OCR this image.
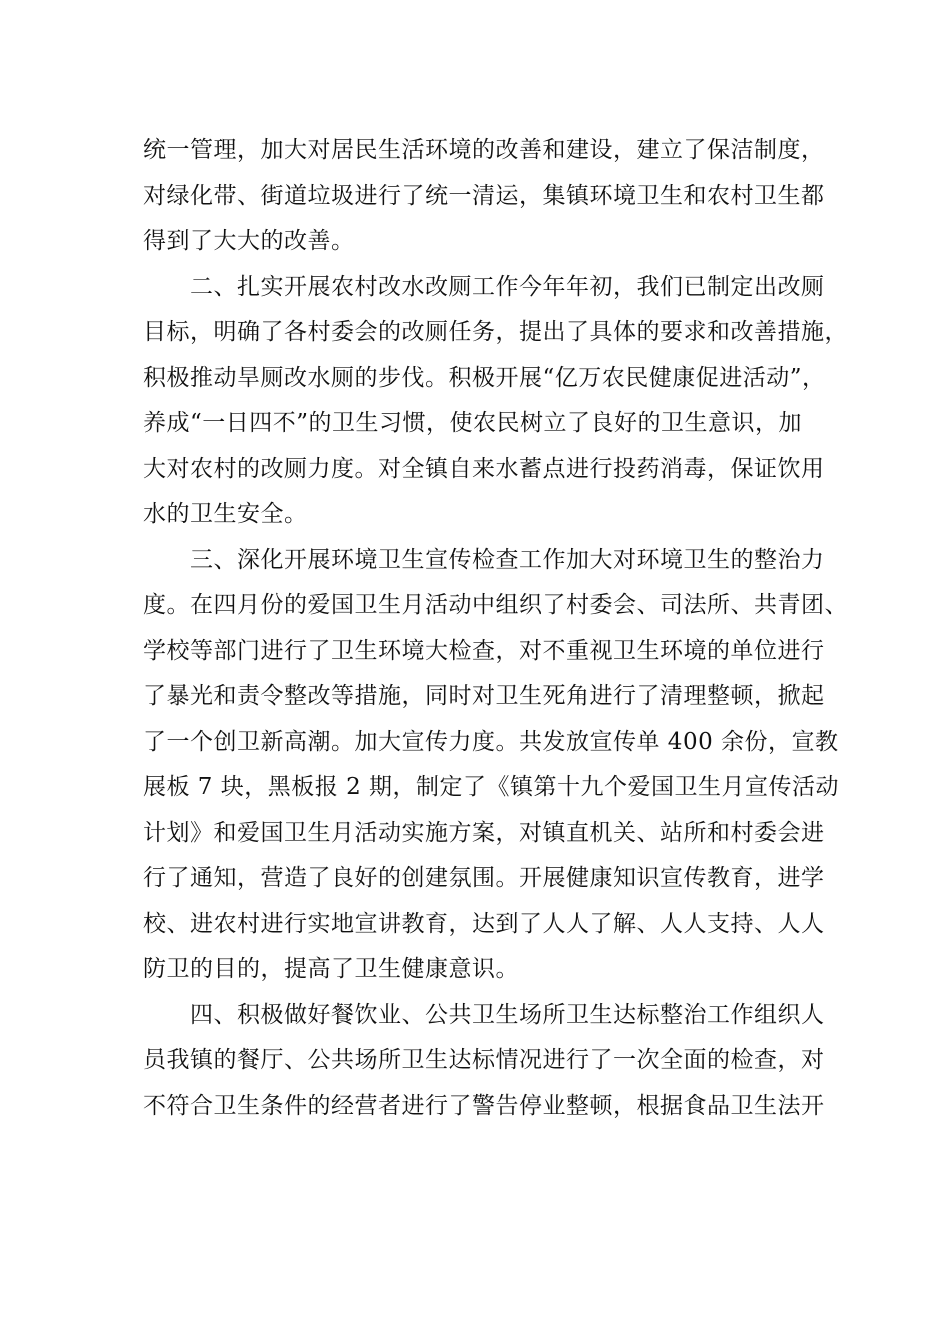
统一管理，加大对居民生活环境的改善和建设，建立了保洁制度，
对绿化带、街道垃圾进行了统一清运，集镇环境卫生和农村卫生都
得到了大大的改善。
二、扎实开展农村改水改厕工作今年年初，我们已制定出改厕
目标，明确了各村委会的改厕任务，提出了具体的要求和改善措施，
积极推动旱厕改水厕的步伐。积极开展“亿万农民健康促进活动”，
养成“一日四不”的卫生习惯，使农民树立了良好的卫生意识，加
大对农村的改厕力度。对全镇自来水蓄点进行投药消毒，保证饮用
水的卫生安全。
三、深化开展环境卫生宣传检查工作加大对环境卫生的整治力
度。在四月份的爱国卫生月活动中组织了村委会、司法所、共青团、
学校等部门进行了卫生环境大检查，对不重视卫生环境的单位进行
了暴光和责令整改等措施，同时对卫生死角进行了清理整顿，掀起
了一个创卫新高潮。加大宣传力度。共发放宣传单 400 余份，宣教
展板 7 块，黑板报 2 期，制定了《镇第十九个爱国卫生月宣传活动
计划》和爱国卫生月活动实施方案，对镇直机关、站所和村委会进
行了通知，营造了良好的创建氛围。开展健康知识宣传教育，进学
校、进农村进行实地宣讲教育，达到了人人了解、人人支持、人人
防卫的目的，提高了卫生健康意识。
四、积极做好餐饮业、公共卫生场所卫生达标整治工作组织人
员我镇的餐厅、公共场所卫生达标情况进行了一次全面的检查，对
不符合卫生条件的经营者进行了警告停业整顿，根据食品卫生法开
